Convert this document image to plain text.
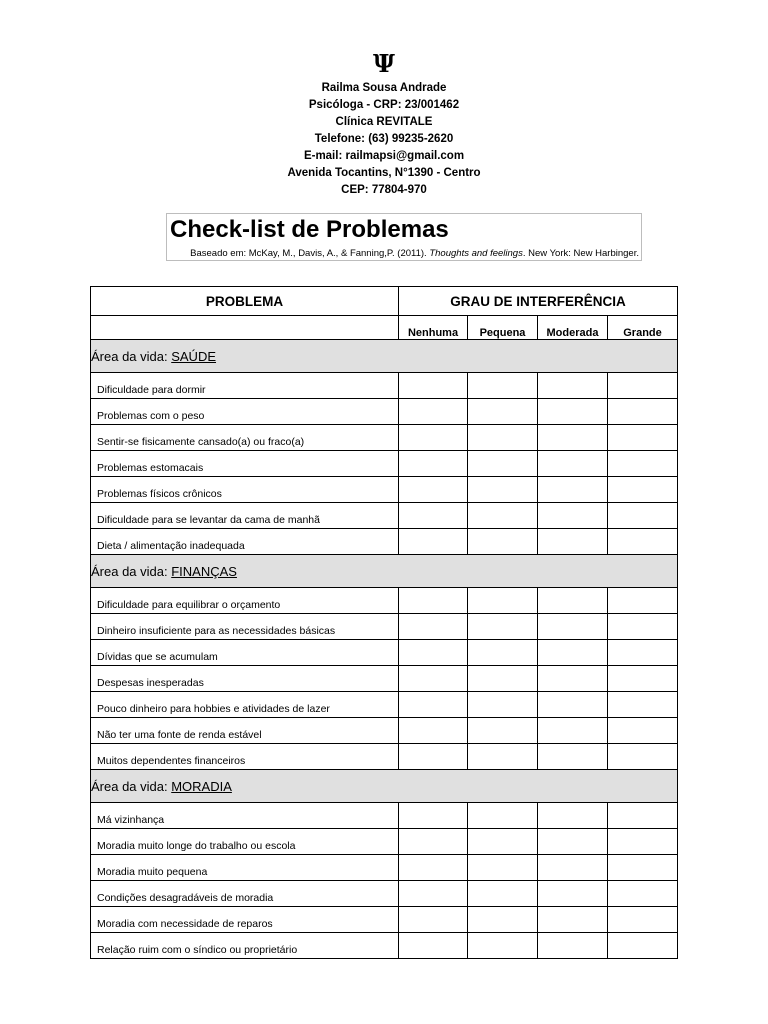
Ψ
Railma Sousa Andrade
Psicóloga - CRP: 23/001462
Clínica REVITALE
Telefone: (63) 99235-2620
E-mail: railmapsi@gmail.com
Avenida Tocantins, N°1390 - Centro
CEP: 77804-970
Check-list de Problemas
Baseado em: McKay, M., Davis, A., & Fanning,P. (2011). Thoughts and feelings. New York: New Harbinger.
PROBLEMA	GRAU DE INTERFERÊNCIA			
	Nenhuma	Pequena	Moderada	Grande
Área da vida: SAÚDE				
Dificuldade para dormir				
Problemas com o peso				
Sentir-se fisicamente cansado(a) ou fraco(a)				
Problemas estomacais				
Problemas físicos crônicos				
Dificuldade para se levantar da cama de manhã				
Dieta / alimentação inadequada				
Área da vida: FINANÇAS				
Dificuldade para equilibrar o orçamento				
Dinheiro insuficiente para as necessidades básicas				
Dívidas que se acumulam				
Despesas inesperadas				
Pouco dinheiro para hobbies e atividades de lazer				
Não ter uma fonte de renda estável				
Muitos dependentes financeiros				
Área da vida: MORADIA				
Má vizinhança				
Moradia muito longe do trabalho ou escola				
Moradia muito pequena				
Condições desagradáveis de moradia				
Moradia com necessidade de reparos				
Relação ruim com o síndico ou proprietário				
